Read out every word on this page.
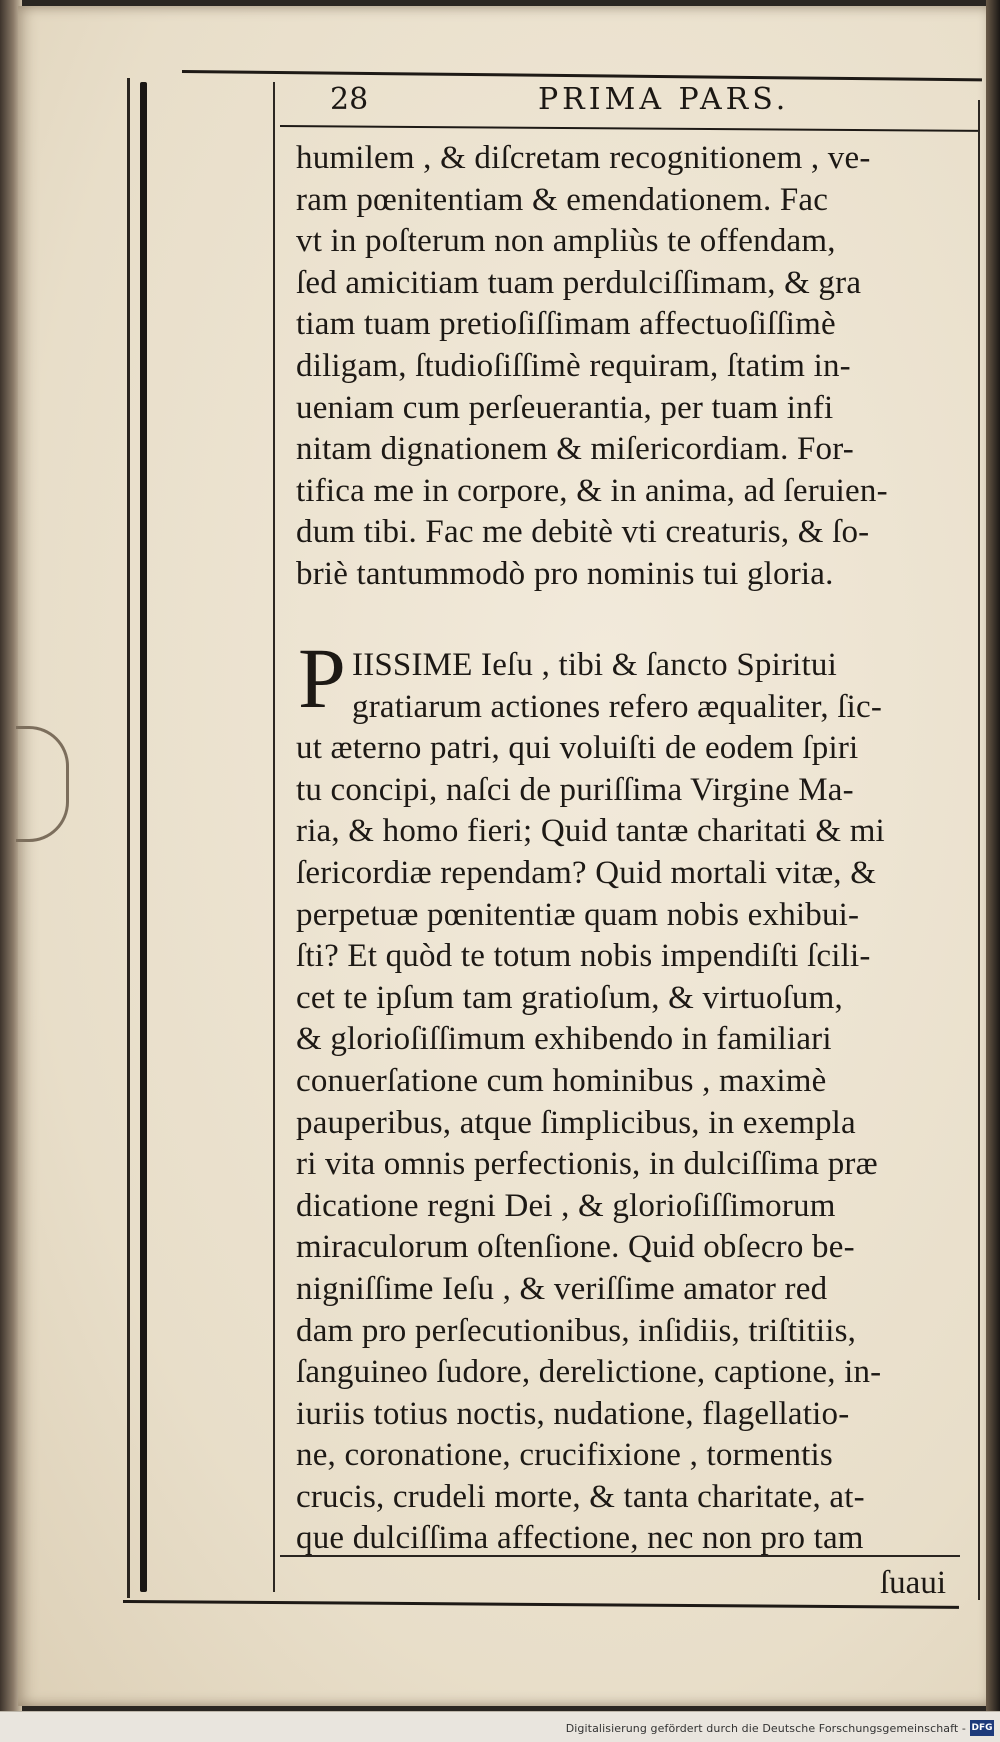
28	PRIMA PARS.
humilem , & diſcretam recognitionem , ve-
ram pœnitentiam & emendationem. Fac
vt in poſterum non ampliùs te offendam,
ſed amicitiam tuam perdulciſſimam, & gra
tiam tuam pretioſiſſimam affectuoſiſſimè
diligam, ſtudioſiſſimè requiram, ſtatim in-
ueniam cum perſeuerantia, per tuam infi
nitam dignationem & miſericordiam. For-
tifica me in corpore, & in anima, ad ſeruien-
dum tibi. Fac me debitè vti creaturis, & ſo-
briè tantummodò pro nominis tui gloria.
P IISSIME Ieſu , tibi & ſancto Spiritui
gratiarum actiones refero æqualiter, ſic-
ut æterno patri, qui voluiſti de eodem ſpiri
tu concipi, naſci de puriſſima Virgine Ma-
ria, & homo fieri; Quid tantæ charitati & mi
ſericordiæ rependam? Quid mortali vitæ, &
perpetuæ pœnitentiæ quam nobis exhibui-
ſti? Et quòd te totum nobis impendiſti ſcili-
cet te ipſum tam gratioſum, & virtuoſum,
& glorioſiſſimum exhibendo in familiari
conuerſatione cum hominibus , maximè
pauperibus, atque ſimplicibus, in exempla
ri vita omnis perfectionis, in dulciſſima præ
dicatione regni Dei , & glorioſiſſimorum
miraculorum oſtenſione. Quid obſecro be-
nigniſſime Ieſu , & veriſſime amator red
dam pro perſecutionibus, inſidiis, triſtitiis,
ſanguineo ſudore, derelictione, captione, in-
iuriis totius noctis, nudatione, flagellatio-
ne, coronatione, crucifixione , tormentis
crucis, crudeli morte, & tanta charitate, at-
que dulciſſima affectione, nec non pro tam
ſuaui
Digitalisierung gefördert durch die Deutsche Forschungsgemeinschaft - DFG
